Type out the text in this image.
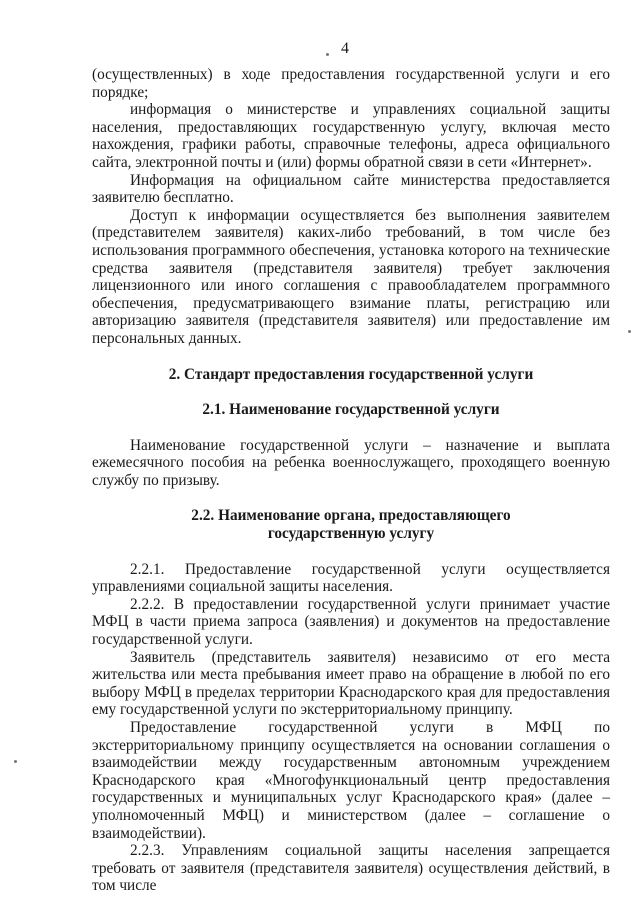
4

(осуществленных) в ходе предоставления государственной услуги и его порядке;

информация о министерстве и управлениях социальной защиты населения, предоставляющих государственную услугу, включая место нахождения, графики работы, справочные телефоны, адреса официального сайта, электронной почты и (или) формы обратной связи в сети «Интернет».

Информация на официальном сайте министерства предоставляется заявителю бесплатно.

Доступ к информации осуществляется без выполнения заявителем (представителем заявителя) каких-либо требований, в том числе без использования программного обеспечения, установка которого на технические средства заявителя (представителя заявителя) требует заключения лицензионного или иного соглашения с правообладателем программного обеспечения, предусматривающего взимание платы, регистрацию или авторизацию заявителя (представителя заявителя) или предоставление им персональных данных.

2. Стандарт предоставления государственной услуги

2.1. Наименование государственной услуги

Наименование государственной услуги – назначение и выплата ежемесячного пособия на ребенка военнослужащего, проходящего военную службу по призыву.

2.2. Наименование органа, предоставляющего
государственную услугу

2.2.1. Предоставление государственной услуги осуществляется управлениями социальной защиты населения.

2.2.2. В предоставлении государственной услуги принимает участие МФЦ в части приема запроса (заявления) и документов на предоставление государственной услуги.

Заявитель (представитель заявителя) независимо от его места жительства или места пребывания имеет право на обращение в любой по его выбору МФЦ в пределах территории Краснодарского края для предоставления ему государственной услуги по экстерриториальному принципу.

Предоставление государственной услуги в МФЦ по экстерриториальному принципу осуществляется на основании соглашения о взаимодействии между государственным автономным учреждением Краснодарского края «Многофункциональный центр предоставления государственных и муниципальных услуг Краснодарского края» (далее – уполномоченный МФЦ) и министерством (далее – соглашение о взаимодействии).

2.2.3. Управлениям социальной защиты населения запрещается требовать от заявителя (представителя заявителя) осуществления действий, в том числе
